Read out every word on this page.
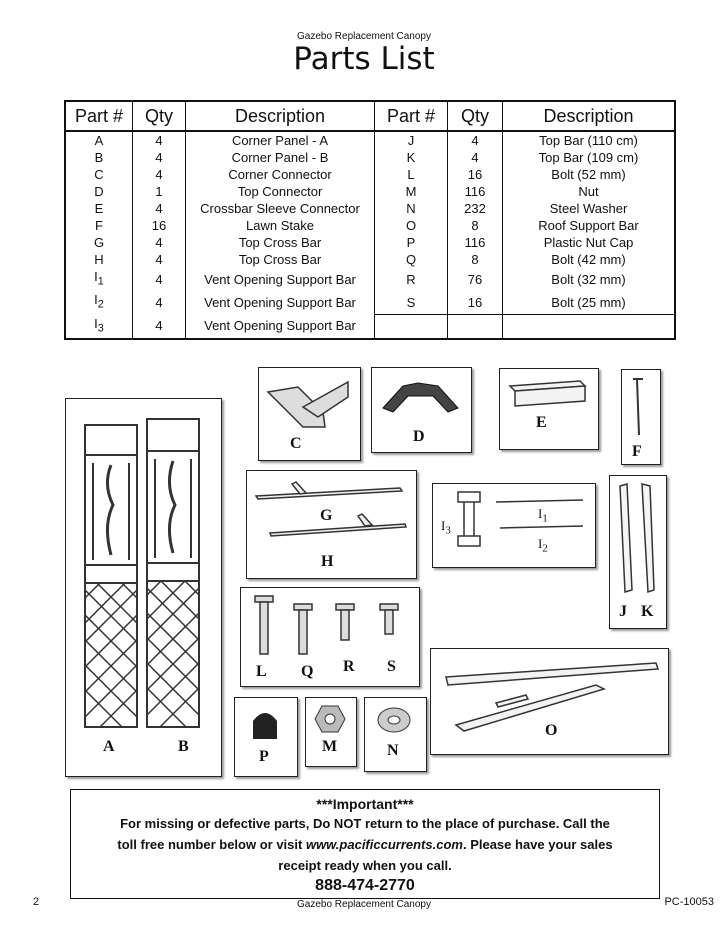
Gazebo Replacement Canopy
Parts List
Part #	Qty	Description	Part #	Qty	Description
A	4	Corner Panel - A	J	4	Top Bar (110 cm)
B	4	Corner Panel - B	K	4	Top Bar (109 cm)
C	4	Corner Connector	L	16	Bolt (52 mm)
D	1	Top Connector	M	116	Nut
E	4	Crossbar Sleeve Connector	N	232	Steel Washer
F	16	Lawn Stake	O	8	Roof Support Bar
G	4	Top Cross Bar	P	116	Plastic Nut Cap
H	4	Top Cross Bar	Q	8	Bolt (42 mm)
$I_1$	4	Vent Opening Support Bar	R	76	Bolt (32 mm)
$I_2$	4	Vent Opening Support Bar	S	16	Bolt (25 mm)
$I_3$	4	Vent Opening Support Bar			
A	B
C	D
E
F
G
H
$I_3$
$I_1$
$I_2$
J K
L Q R S
P
M	N
O
***Important***
For missing or defective parts, Do NOT return to the place of purchase. Call the
toll free number below or visit www.pacificcurrents.com. Please have your sales
receipt ready when you call.
888-474-2770
2	Gazebo Replacement Canopy	PC-10053
